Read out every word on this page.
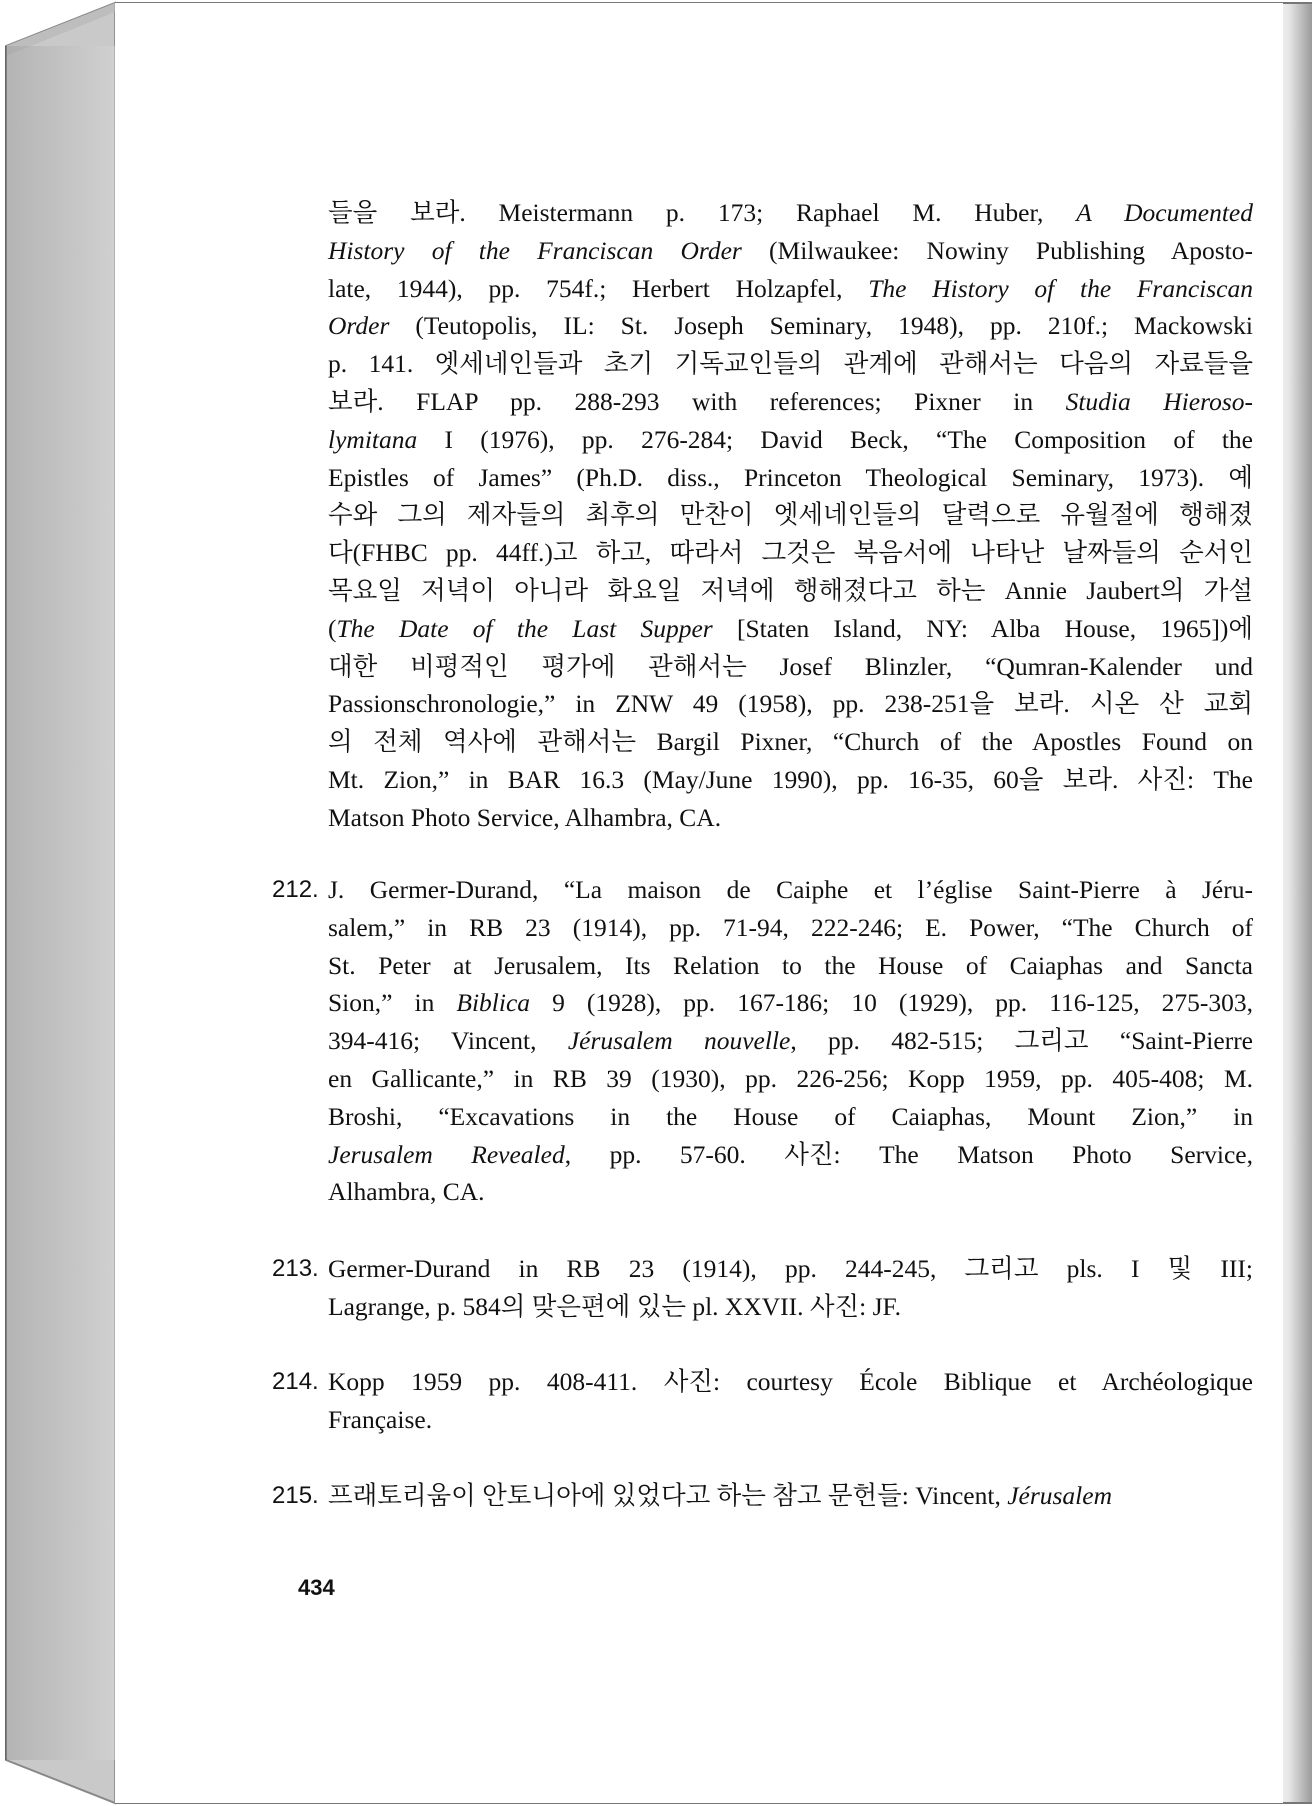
들을 보라. Meistermann p. 173; Raphael M. Huber, A Documented
History of the Franciscan Order (Milwaukee: Nowiny Publishing Aposto-
late, 1944), pp. 754f.; Herbert Holzapfel, The History of the Franciscan
Order (Teutopolis, IL: St. Joseph Seminary, 1948), pp. 210f.; Mackowski
p. 141. 엣세네인들과 초기 기독교인들의 관계에 관해서는 다음의 자료들을
보라. FLAP pp. 288-293 with references; Pixner in Studia Hieroso-
lymitana I (1976), pp. 276-284; David Beck, “The Composition of the
Epistles of James” (Ph.D. diss., Princeton Theological Seminary, 1973). 예
수와 그의 제자들의 최후의 만찬이 엣세네인들의 달력으로 유월절에 행해졌
다(FHBC pp. 44ff.)고 하고, 따라서 그것은 복음서에 나타난 날짜들의 순서인
목요일 저녁이 아니라 화요일 저녁에 행해졌다고 하는 Annie Jaubert의 가설
(The Date of the Last Supper [Staten Island, NY: Alba House, 1965])에
대한 비평적인 평가에 관해서는 Josef Blinzler, “Qumran-Kalender und
Passionschronologie,” in ZNW 49 (1958), pp. 238-251을 보라. 시온 산 교회
의 전체 역사에 관해서는 Bargil Pixner, “Church of the Apostles Found on
Mt. Zion,” in BAR 16.3 (May/June 1990), pp. 16-35, 60을 보라. 사진: The
Matson Photo Service, Alhambra, CA.
212. J. Germer-Durand, “La maison de Caiphe et l’église Saint-Pierre à Jéru-
salem,” in RB 23 (1914), pp. 71-94, 222-246; E. Power, “The Church of
St. Peter at Jerusalem, Its Relation to the House of Caiaphas and Sancta
Sion,” in Biblica 9 (1928), pp. 167-186; 10 (1929), pp. 116-125, 275-303,
394-416; Vincent, Jérusalem nouvelle, pp. 482-515; 그리고 “Saint-Pierre
en Gallicante,” in RB 39 (1930), pp. 226-256; Kopp 1959, pp. 405-408; M.
Broshi, “Excavations in the House of Caiaphas, Mount Zion,” in
Jerusalem Revealed, pp. 57-60. 사진: The Matson Photo Service,
Alhambra, CA.
213. Germer-Durand in RB 23 (1914), pp. 244-245, 그리고 pls. I 및 III;
Lagrange, p. 584의 맞은편에 있는 pl. XXVII. 사진: JF.
214. Kopp 1959 pp. 408-411. 사진: courtesy École Biblique et Archéologique
Française.
215. 프래토리움이 안토니아에 있었다고 하는 참고 문헌들: Vincent, Jérusalem
434
